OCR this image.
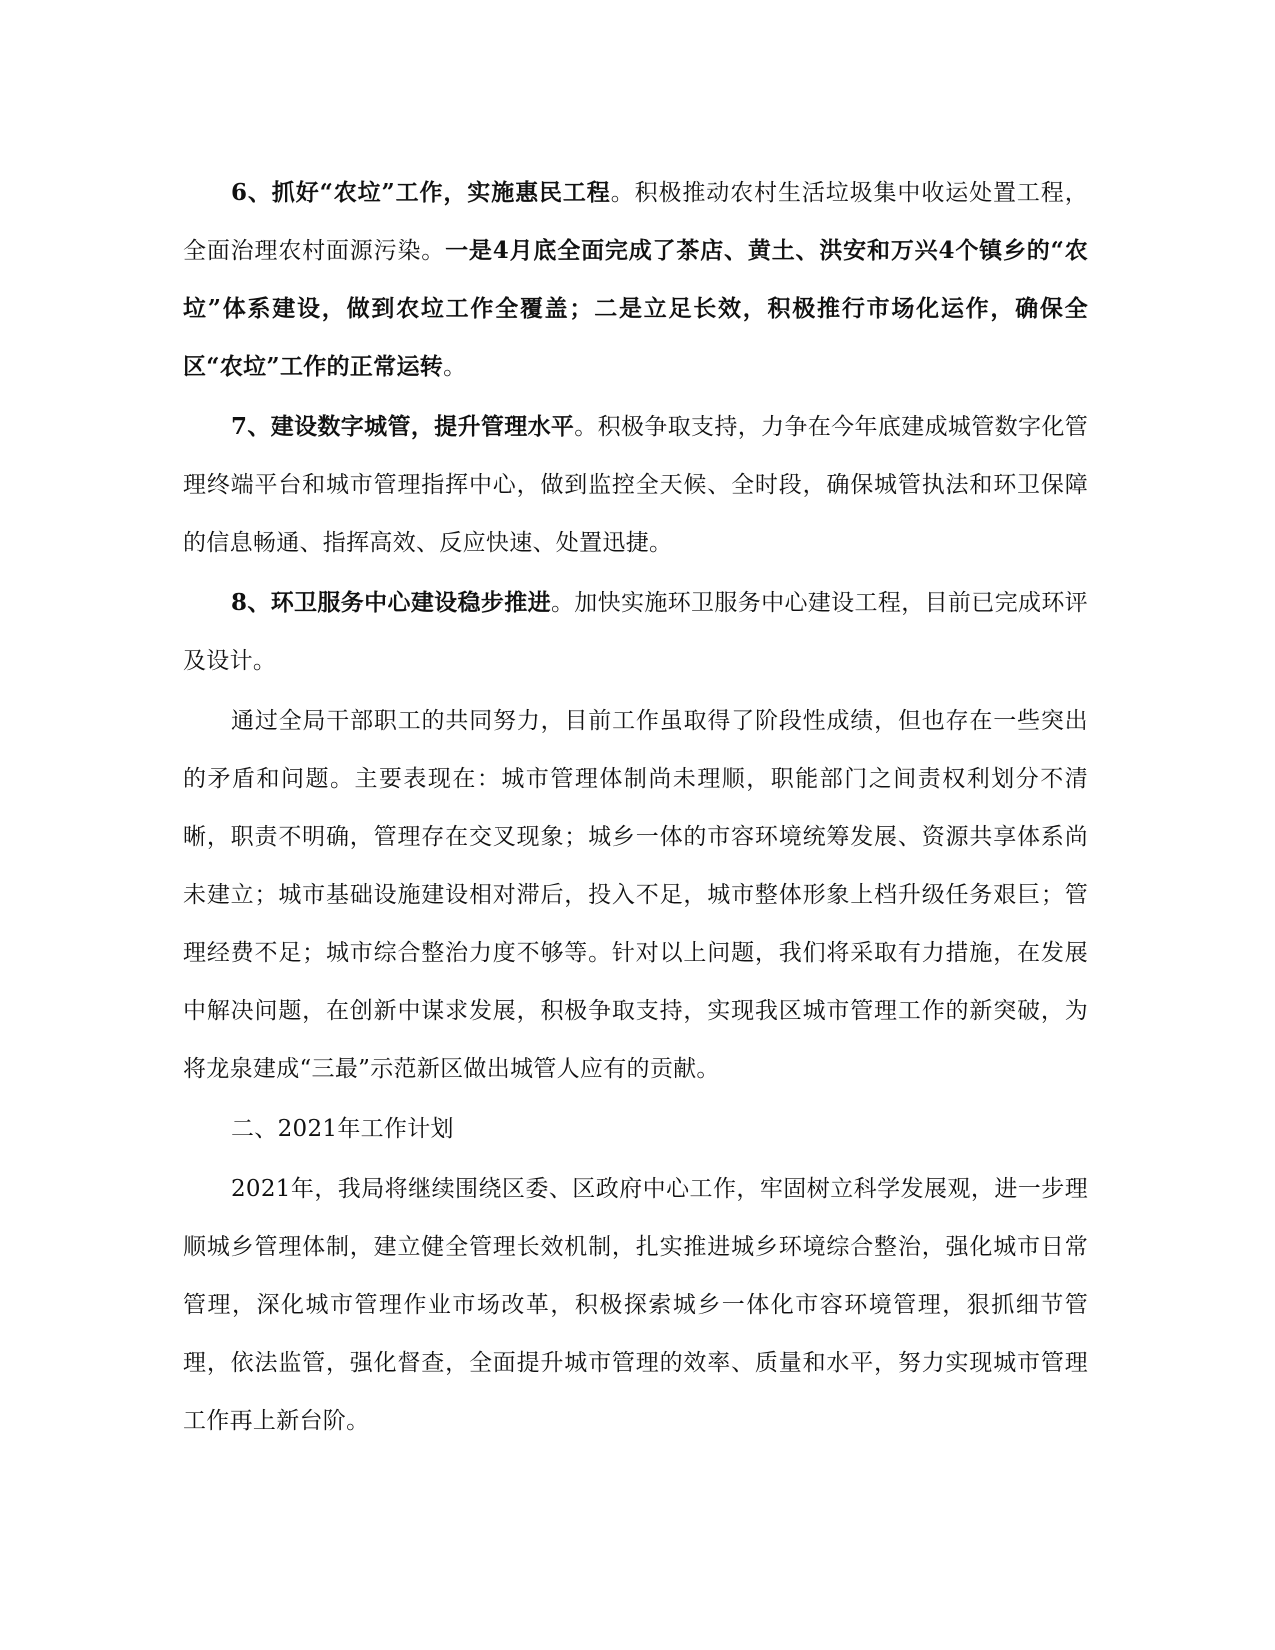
6、抓好“农垃”工作，实施惠民工程。积极推动农村生活垃圾集中收运处置工程，全面治理农村面源污染。一是4月底全面完成了茶店、黄土、洪安和万兴4个镇乡的“农垃”体系建设，做到农垃工作全覆盖；二是立足长效，积极推行市场化运作，确保全区“农垃”工作的正常运转。

7、建设数字城管，提升管理水平。积极争取支持，力争在今年底建成城管数字化管理终端平台和城市管理指挥中心，做到监控全天候、全时段，确保城管执法和环卫保障的信息畅通、指挥高效、反应快速、处置迅捷。

8、环卫服务中心建设稳步推进。加快实施环卫服务中心建设工程，目前已完成环评及设计。

通过全局干部职工的共同努力，目前工作虽取得了阶段性成绩，但也存在一些突出的矛盾和问题。主要表现在：城市管理体制尚未理顺，职能部门之间责权利划分不清晰，职责不明确，管理存在交叉现象；城乡一体的市容环境统筹发展、资源共享体系尚未建立；城市基础设施建设相对滞后，投入不足，城市整体形象上档升级任务艰巨；管理经费不足；城市综合整治力度不够等。针对以上问题，我们将采取有力措施，在发展中解决问题，在创新中谋求发展，积极争取支持，实现我区城市管理工作的新突破，为将龙泉建成“三最”示范新区做出城管人应有的贡献。

二、2021年工作计划

2021年，我局将继续围绕区委、区政府中心工作，牢固树立科学发展观，进一步理顺城乡管理体制，建立健全管理长效机制，扎实推进城乡环境综合整治，强化城市日常管理，深化城市管理作业市场改革，积极探索城乡一体化市容环境管理，狠抓细节管理，依法监管，强化督查，全面提升城市管理的效率、质量和水平，努力实现城市管理工作再上新台阶。
